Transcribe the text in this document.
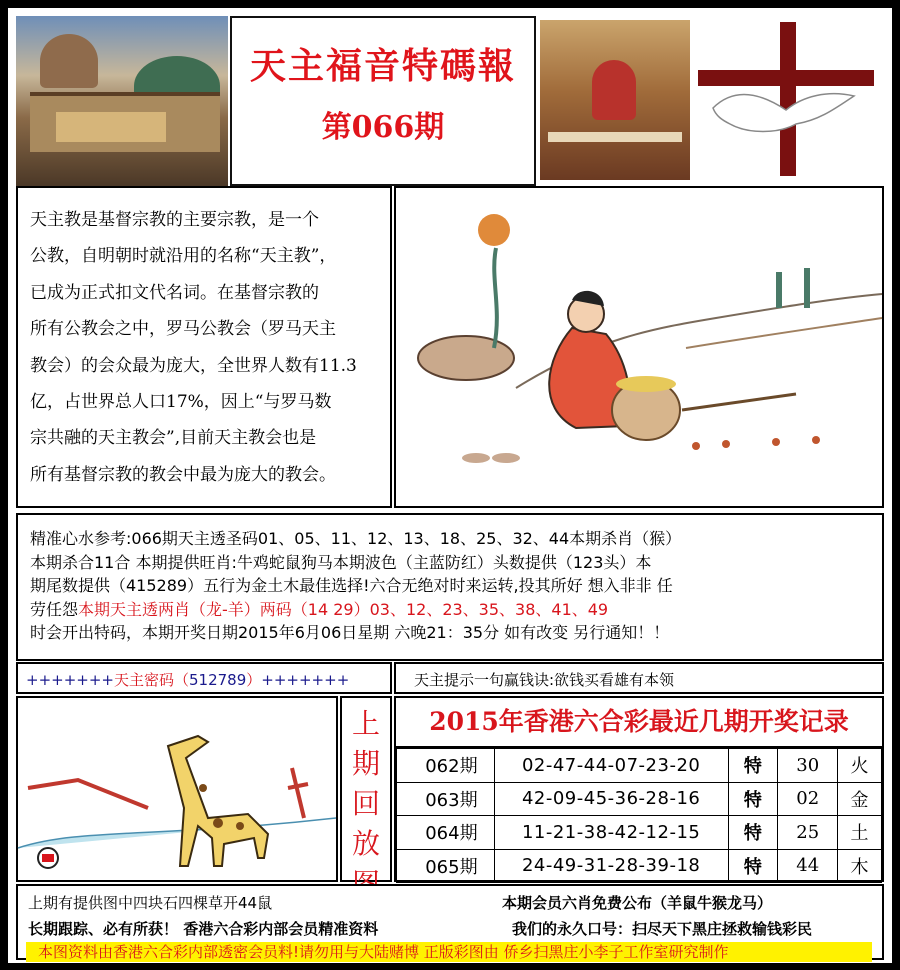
天主福音特碼報
第066期
天主教是基督宗教的主要宗教，是一个
公教，自明朝时就沿用的名称“天主教”，
已成为正式扣文代名词。在基督宗教的
所有公教会之中，罗马公教会（罗马天主
教会）的会众最为庞大，全世界人数有11.3
亿，占世界总人口17%，因上“与罗马数
宗共融的天主教会”,目前天主教会也是
所有基督宗教的教会中最为庞大的教会。
精准心水参考:066期天主透圣码01、05、11、12、13、18、25、32、44本期杀肖（猴）
本期杀合11合 本期提供旺肖:牛鸡蛇鼠狗马本期波色（主蓝防红）头数提供（123头）本
期尾数提供（415289）五行为金土木最佳选择!六合无绝对时来运转,投其所好 想入非非 任
劳任怨本期天主透两肖（龙-羊）两码（14 29）03、12、23、35、38、41、49
时会开出特码，本期开奖日期2015年6月06日星期 六晚21：35分 如有改变 另行通知！！
+++++++天主密码（512789）+++++++	天主提示一句赢钱诀:欲钱买看雄有本领
上
期
回
放
2015年香港六合彩最近几期开奖记录
062期	02-47-44-07-23-20	特	30	火
063期	42-09-45-36-28-16	特	02	金
064期	11-21-38-42-12-15	特	25	土
065期	24-49-31-28-39-18	特	44	木
上期有提供图中四块石四棵草开44鼠	本期会员六肖免费公布（羊鼠牛猴龙马）
长期跟踪、必有所获！ 香港六合彩内部会员精准资料	我们的永久口号：扫尽天下黑庄拯救输钱彩民
本图资料由香港六合彩内部透密会员料!请勿用与大陆赌博 正版彩图由 侨乡扫黑庄小李子工作室研究制作
